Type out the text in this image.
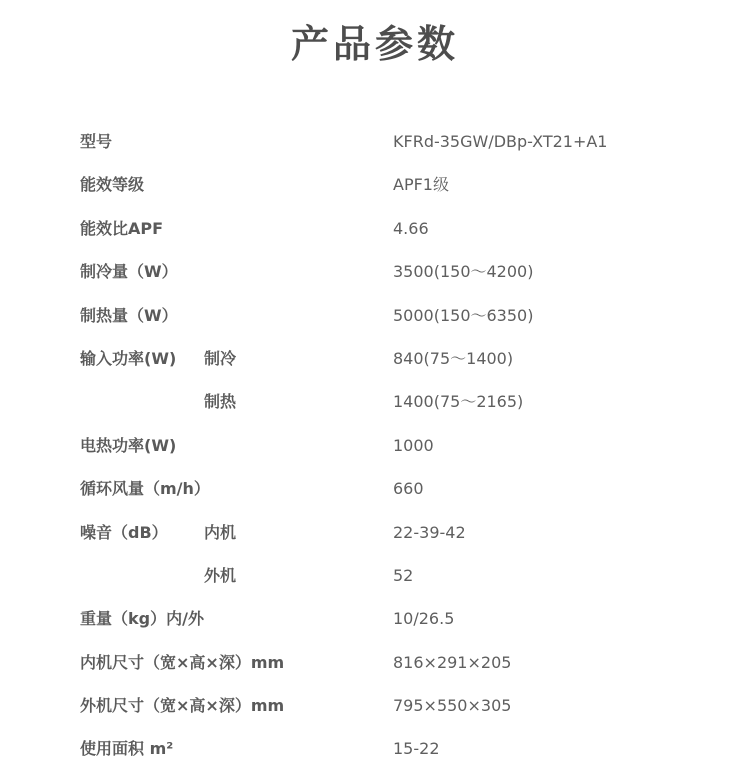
产品参数
型号	KFRd-35GW/DBp-XT21+A1
能效等级	APF1级
能效比APF	4.66
制冷量（W）	3500(150～4200)
制热量（W）	5000(150～6350)
输入功率(W) 制冷	840(75～1400)
制热	1400(75～2165)
电热功率(W)	1000
循环风量（m/h）	660
噪音（dB） 内机	22-39-42
外机	52
重量（kg）内/外	10/26.5
内机尺寸（宽×高×深）mm	816×291×205
外机尺寸（宽×高×深）mm	795×550×305
使用面积 m²	15-22
